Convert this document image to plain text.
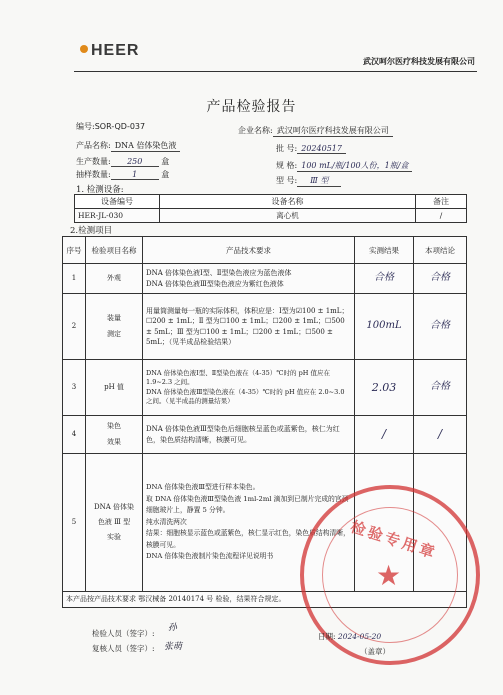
HEER
武汉呵尔医疗科技发展有限公司
产品检验报告
编号:SOR-QD-037	企业名称: 武汉呵尔医疗科技发展有限公司
产品名称: DNA 倍体染色液	批 号: 20240517
生产数量: 250 盒	规 格: 100 mL/瓶/100人份，1瓶/盒
抽样数量:	1	盒
型 号: Ⅲ 型
1. 检测设备:
设备编号	设备名称	备注
HER-JL-030	离心机	/
2.检测项目
序号	检验项目名称	产品技术要求	实测结果	本项结论
1	外观	DNA 倍体染色液Ⅰ型、Ⅱ型染色液应为蓝色液体
DNA 倍体染色液Ⅲ型染色液应为紫红色液体	合格	合格
2	装量
测定	用量筒测量每一瓶的实际体积，体积应是：Ⅰ型为☑100 ± 1mL；☐200 ± 1mL；Ⅱ 型为☐100 ± 1mL；☐200 ± 1mL；☐500 ± 5mL；Ⅲ 型为☐100 ± 1mL；☐200 ± 1mL；☐500 ± 5mL；（见半成品检验结果）	100mL	合格
3	pH 值	DNA 倍体染色液Ⅰ型、Ⅱ型染色液在（4-35）℃时的 pH 值应在 1.9~2.3 之间。
DNA 倍体染色液Ⅲ型染色液在（4-35）℃时的 pH 值应在 2.0~3.0 之间。（见半成品的测量结果）	2.03	合格
4	染色
效果	DNA 倍体染色液Ⅲ型染色后细胞核呈蓝色或蓝紫色，核仁为红色，染色质结构清晰，核膜可见。	/	/
5	DNA 倍体染
色液 Ⅲ 型
实验	DNA 倍体染色液Ⅲ型进行样本染色。
取 DNA 倍体染色液Ⅲ型染色液 1ml-2ml 滴加到已制片完成的宫颈细胞玻片上，静置 5 分钟。
纯水清洗两次
结果：细胞核显示蓝色或蓝紫色，核仁显示红色，染色质结构清晰，核膜可见。
DNA 倍体染色液制片染色流程详见说明书		
本产品按产品技术要求 鄂汉械备 20140174 号 检验，结果符合规定。				
检验专用章
★
检验人员（签字）:
孙
复核人员（签字）: 张萌
日期: 2024-05-20
（盖章）
